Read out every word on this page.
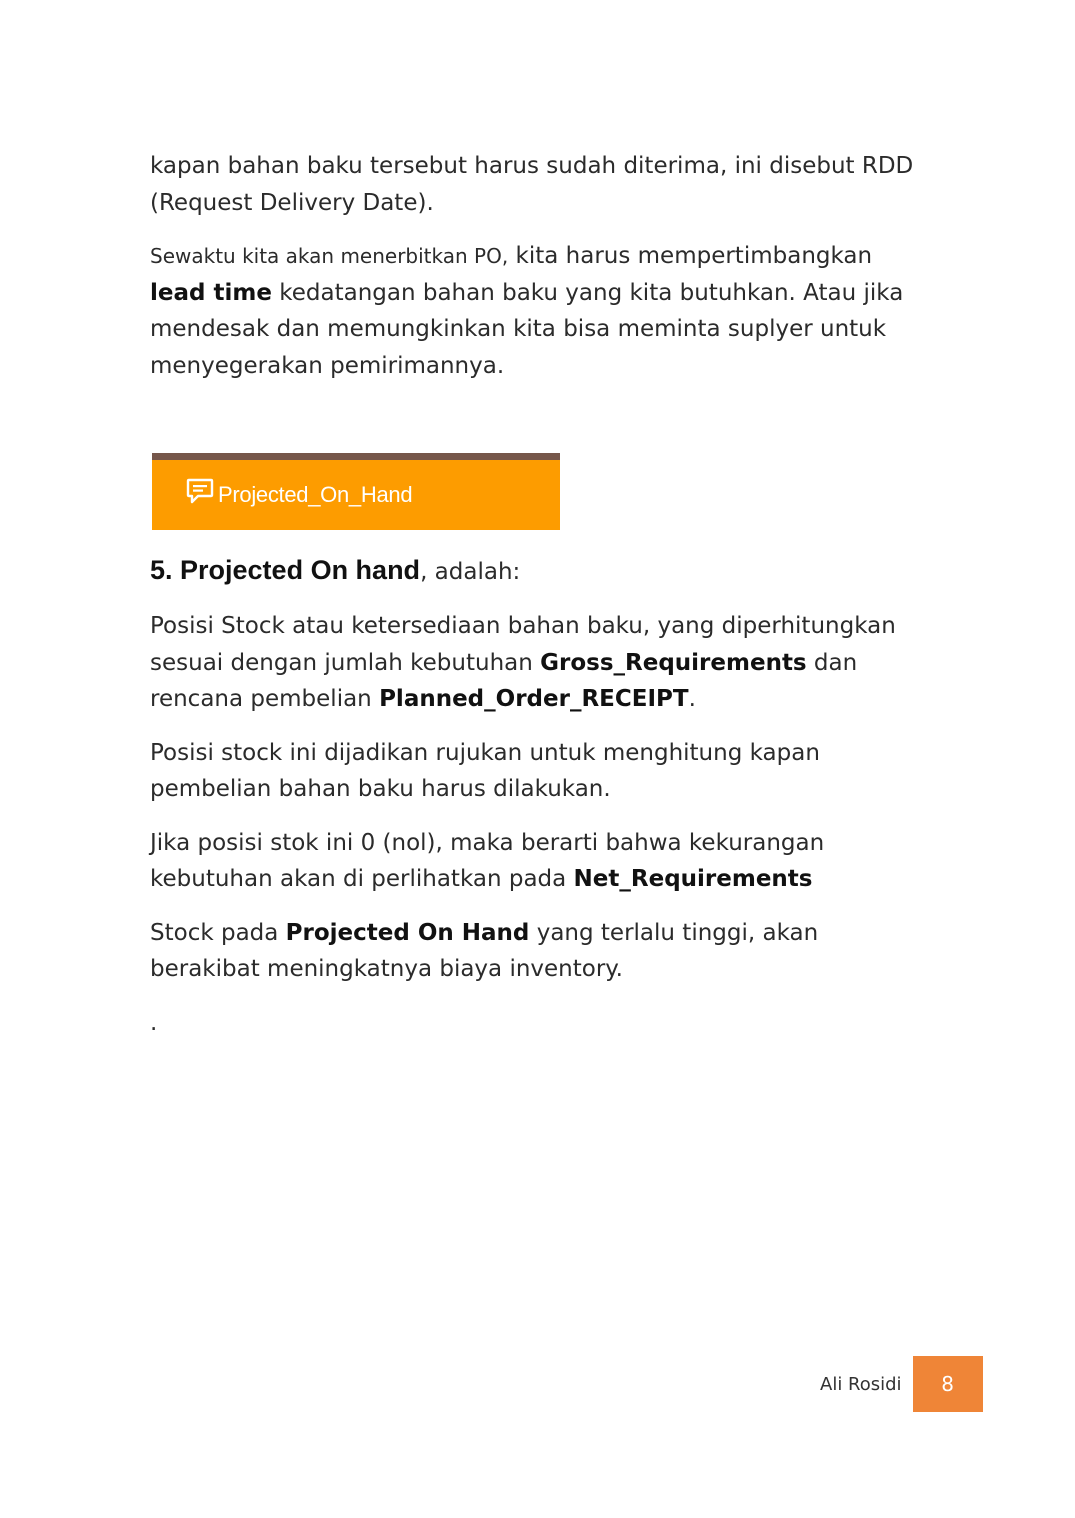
kapan bahan baku tersebut harus sudah diterima, ini disebut RDD (Request Delivery Date).

Sewaktu kita akan menerbitkan PO, kita harus mempertimbangkan lead time kedatangan bahan baku yang kita butuhkan. Atau jika mendesak dan memungkinkan kita bisa meminta suplyer untuk menyegerakan pemirimannya.

Projected_On_Hand
5. Projected On hand, adalah:

Posisi Stock atau ketersediaan bahan baku, yang diperhitungkan sesuai dengan jumlah kebutuhan Gross_Requirements dan rencana pembelian Planned_Order_RECEIPT.

Posisi stock ini dijadikan rujukan untuk menghitung kapan pembelian bahan baku harus dilakukan.

Jika posisi stok ini 0 (nol), maka berarti bahwa kekurangan kebutuhan akan di perlihatkan pada Net_Requirements

Stock pada Projected On Hand yang terlalu tinggi, akan berakibat meningkatnya biaya inventory.

.

Ali Rosidi	8
